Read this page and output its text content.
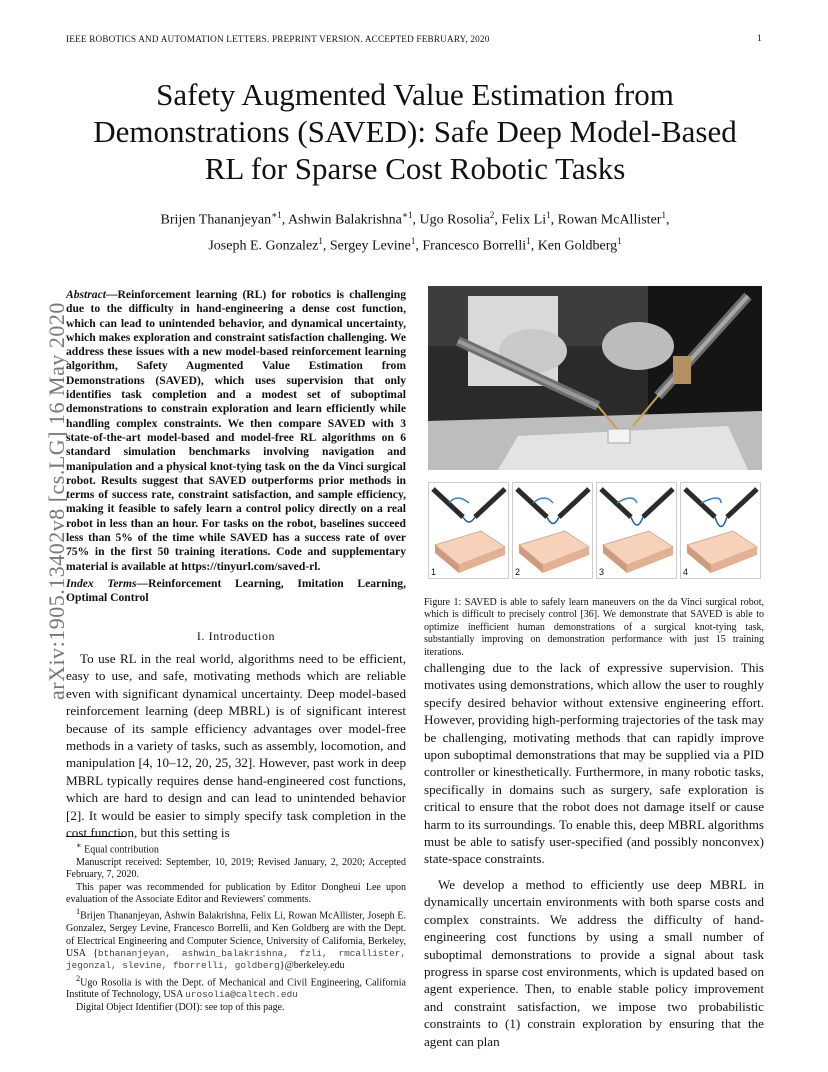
IEEE ROBOTICS AND AUTOMATION LETTERS. PREPRINT VERSION. ACCEPTED FEBRUARY, 2020	1
Safety Augmented Value Estimation from
Demonstrations (SAVED): Safe Deep Model-Based
RL for Sparse Cost Robotic Tasks
Brijen Thananjeyan$^{∗1}$, Ashwin Balakrishna$^{∗1}$, Ugo Rosolia$^2$, Felix Li$^1$, Rowan McAllister$^1$,
Joseph E. Gonzalez$^1$, Sergey Levine$^1$, Francesco Borrelli$^1$, Ken Goldberg$^1$
arXiv:1905.13402v8 [cs.LG] 16 May 2020
Abstract—Reinforcement learning (RL) for robotics is challenging due to the difficulty in hand-engineering a dense cost function, which can lead to unintended behavior, and dynamical uncertainty, which makes exploration and constraint satisfaction challenging. We address these issues with a new model-based reinforcement learning algorithm, Safety Augmented Value Estimation from Demonstrations (SAVED), which uses supervision that only identifies task completion and a modest set of suboptimal demonstrations to constrain exploration and learn efficiently while handling complex constraints. We then compare SAVED with 3 state-of-the-art model-based and model-free RL algorithms on 6 standard simulation benchmarks involving navigation and manipulation and a physical knot-tying task on the da Vinci surgical robot. Results suggest that SAVED outperforms prior methods in terms of success rate, constraint satisfaction, and sample efficiency, making it feasible to safely learn a control policy directly on a real robot in less than an hour. For tasks on the robot, baselines succeed less than 5% of the time while SAVED has a success rate of over 75% in the first 50 training iterations. Code and supplementary material is available at https://tinyurl.com/saved-rl.
Index Terms—Reinforcement Learning, Imitation Learning, Optimal Control
I. Introduction

To use RL in the real world, algorithms need to be efficient, easy to use, and safe, motivating methods which are reliable even with significant dynamical uncertainty. Deep model-based reinforcement learning (deep MBRL) is of significant interest because of its sample efficiency advantages over model-free methods in a variety of tasks, such as assembly, locomotion, and manipulation [4, 10–12, 20, 25, 32]. However, past work in deep MBRL typically requires dense hand-engineered cost functions, which are hard to design and can lead to unintended behavior [2]. It would be easier to simply specify task completion in the cost function, but this setting is

∗ Equal contribution

Manuscript received: September, 10, 2019; Revised January, 2, 2020; Accepted February, 7, 2020.

This paper was recommended for publication by Editor Dongheui Lee upon evaluation of the Associate Editor and Reviewers' comments.

$^1$Brijen Thananjeyan, Ashwin Balakrishna, Felix Li, Rowan McAllister, Joseph E. Gonzalez, Sergey Levine, Francesco Borrelli, and Ken Goldberg are with the Dept. of Electrical Engineering and Computer Science, University of California, Berkeley, USA {bthananjeyan, ashwin_balakrishna, fzli, rmcallister, jegonzal, slevine, fborrelli, goldberg}@berkeley.edu

$^2$Ugo Rosolia is with the Dept. of Mechanical and Civil Engineering, California Institute of Technology, USA urosolia@caltech.edu

Digital Object Identifier (DOI): see top of this page.

1	2	3	4
Figure 1: SAVED is able to safely learn maneuvers on the da Vinci surgical robot, which is difficult to precisely control [36]. We demonstrate that SAVED is able to optimize inefficient human demonstrations of a surgical knot-tying task, substantially improving on demonstration performance with just 15 training iterations.

challenging due to the lack of expressive supervision. This motivates using demonstrations, which allow the user to roughly specify desired behavior without extensive engineering effort. However, providing high-performing trajectories of the task may be challenging, motivating methods that can rapidly improve upon suboptimal demonstrations that may be supplied via a PID controller or kinesthetically. Furthermore, in many robotic tasks, specifically in domains such as surgery, safe exploration is critical to ensure that the robot does not damage itself or cause harm to its surroundings. To enable this, deep MBRL algorithms must be able to satisfy user-specified (and possibly nonconvex) state-space constraints.

We develop a method to efficiently use deep MBRL in dynamically uncertain environments with both sparse costs and complex constraints. We address the difficulty of hand-engineering cost functions by using a small number of suboptimal demonstrations to provide a signal about task progress in sparse cost environments, which is updated based on agent experience. Then, to enable stable policy improvement and constraint satisfaction, we impose two probabilistic constraints to (1) constrain exploration by ensuring that the agent can plan
